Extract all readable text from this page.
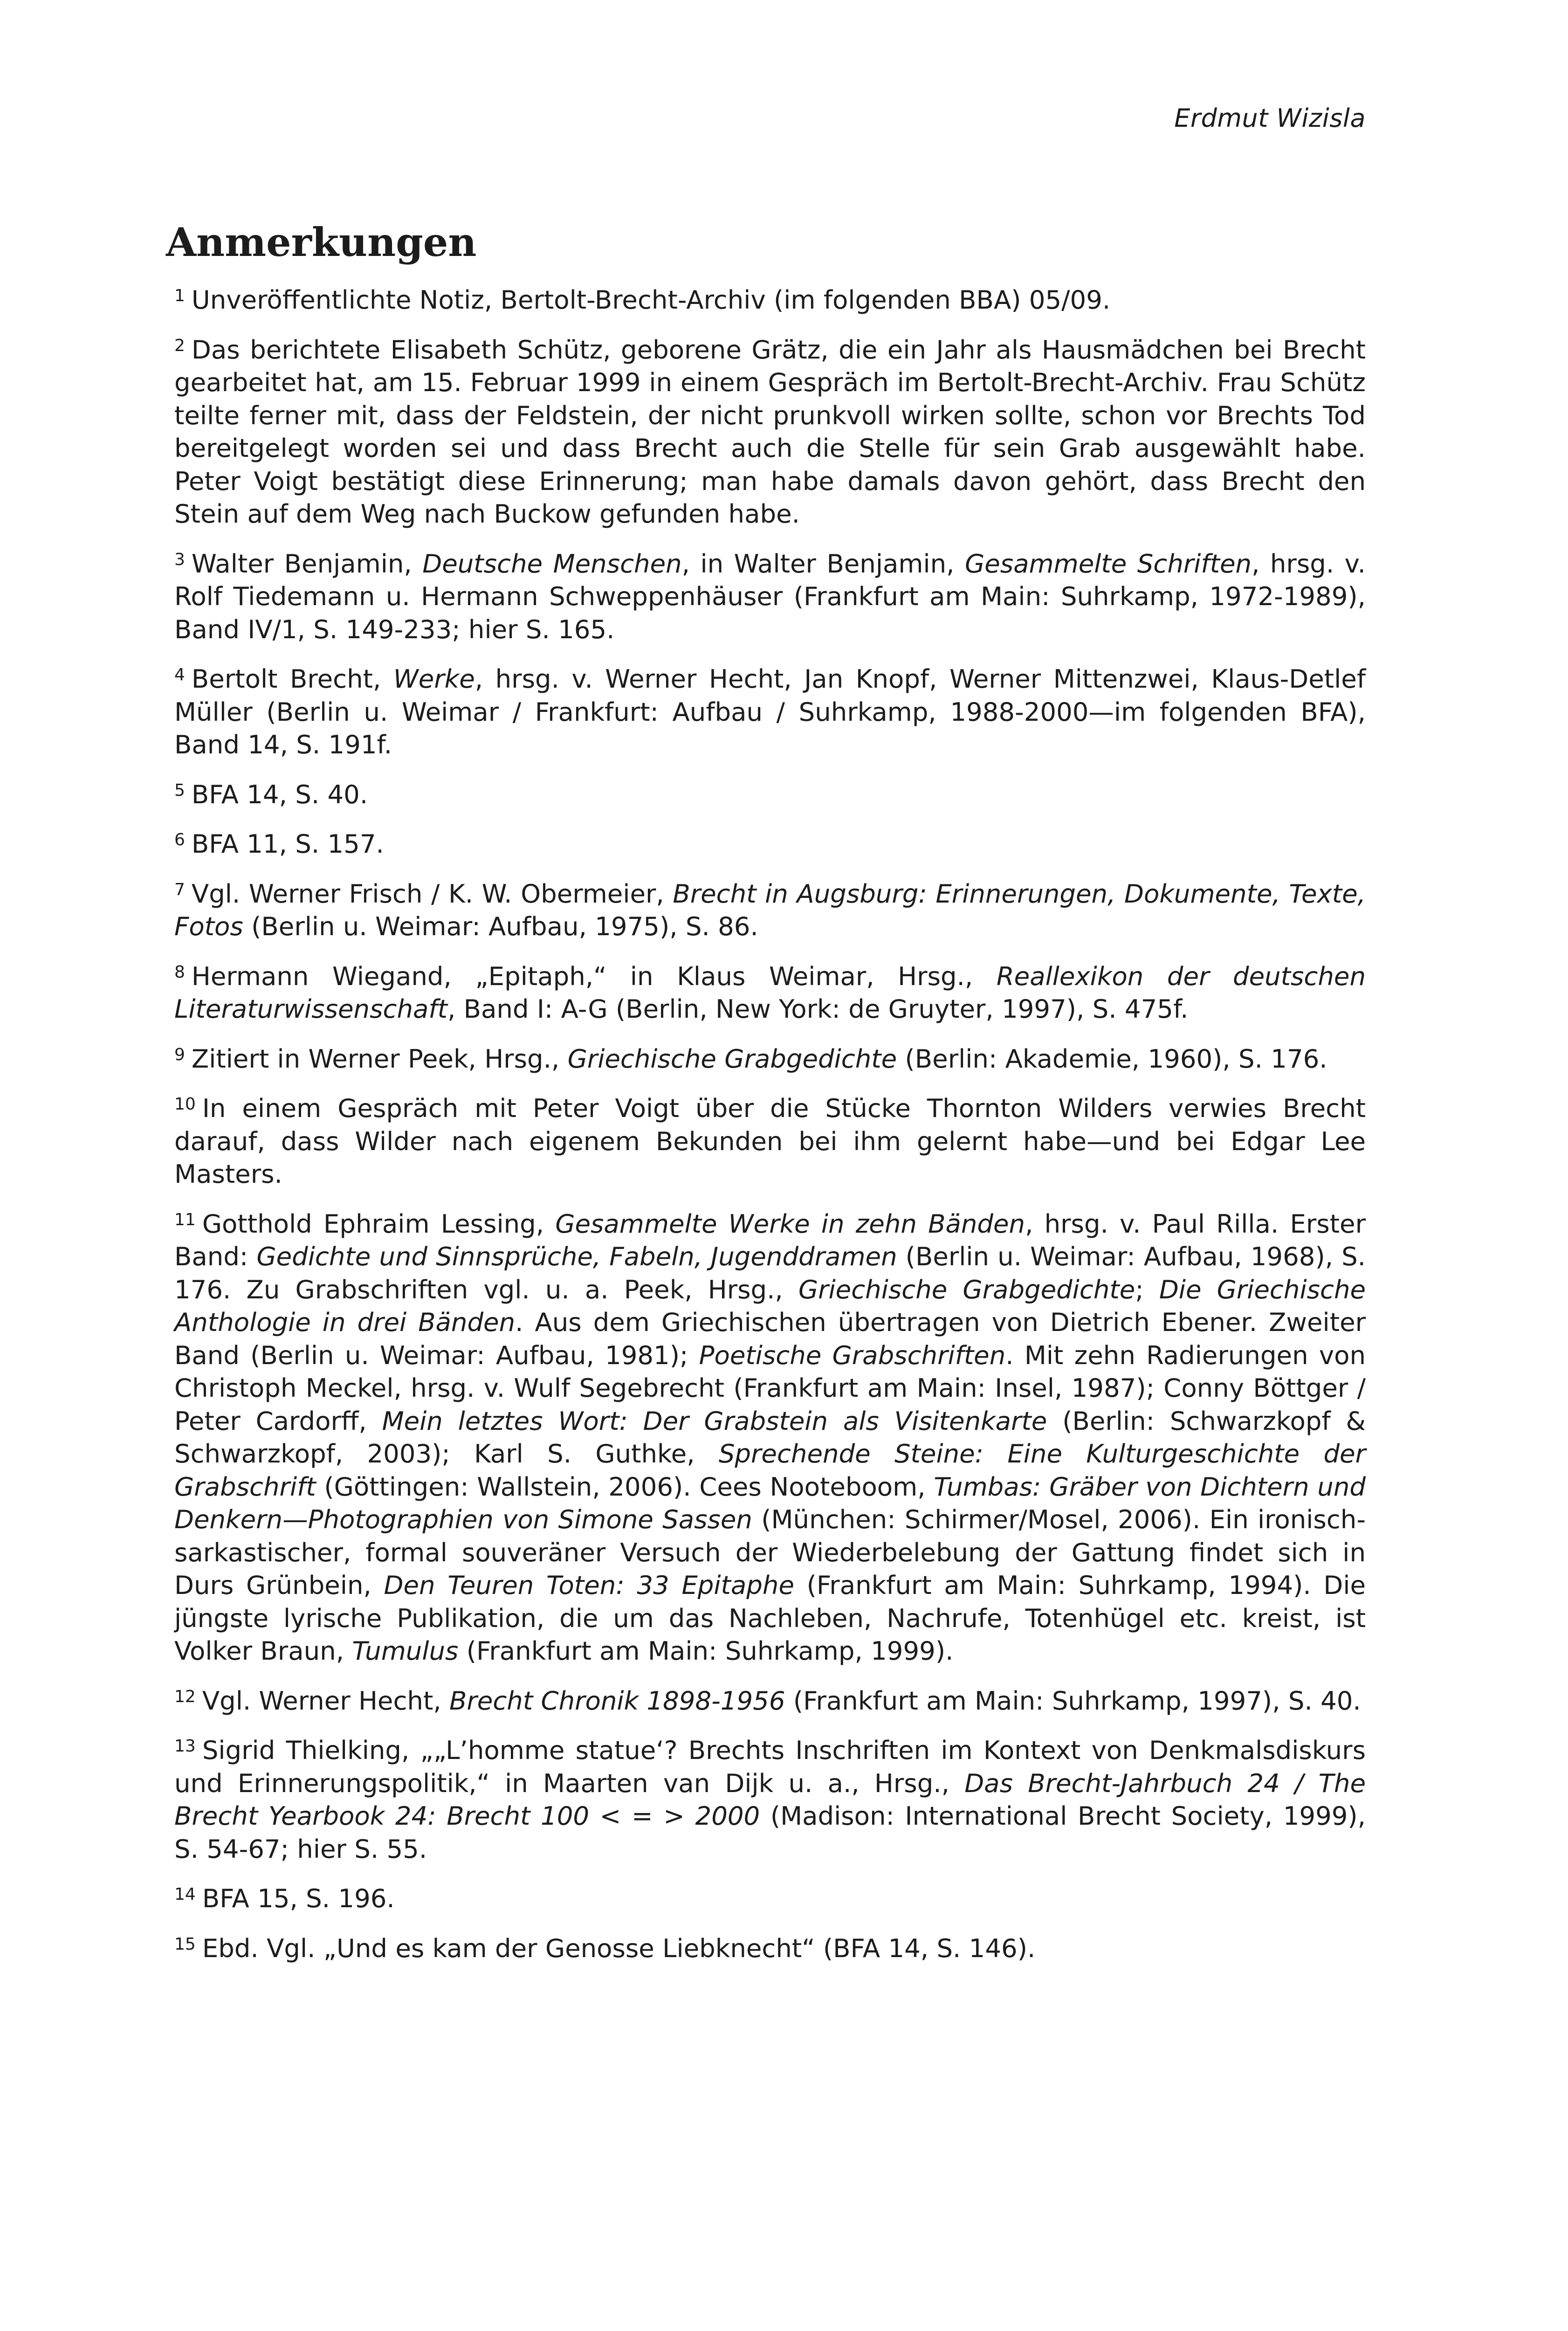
Erdmut Wizisla
Anmerkungen

$^1$ Unveröffentlichte Notiz, Bertolt-Brecht-Archiv (im folgenden BBA) 05/09.

$^2$ Das berichtete Elisabeth Schütz, geborene Grätz, die ein Jahr als Hausmädchen bei Brecht gearbeitet hat, am 15. Februar 1999 in einem Gespräch im Bertolt-Brecht-Archiv. Frau Schütz teilte ferner mit, dass der Feldstein, der nicht prunkvoll wirken sollte, schon vor Brechts Tod bereitgelegt worden sei und dass Brecht auch die Stelle für sein Grab ausgewählt habe. Peter Voigt bestätigt diese Erinnerung; man habe damals davon gehört, dass Brecht den Stein auf dem Weg nach Buckow gefunden habe.

$^3$ Walter Benjamin, Deutsche Menschen, in Walter Benjamin, Gesammelte Schriften, hrsg. v. Rolf Tiedemann u. Hermann Schweppenhäuser (Frankfurt am Main: Suhrkamp, 1972-1989), Band IV/1, S. 149-233; hier S. 165.

$^4$ Bertolt Brecht, Werke, hrsg. v. Werner Hecht, Jan Knopf, Werner Mittenzwei, Klaus-Detlef Müller (Berlin u. Weimar / Frankfurt: Aufbau / Suhrkamp, 1988-2000—im folgenden BFA), Band 14, S. 191f.

$^5$ BFA 14, S. 40.

$^6$ BFA 11, S. 157.

$^7$ Vgl. Werner Frisch / K. W. Obermeier, Brecht in Augsburg: Erinnerungen, Dokumente, Texte, Fotos (Berlin u. Weimar: Aufbau, 1975), S. 86.

$^8$ Hermann Wiegand, „Epitaph,“ in Klaus Weimar, Hrsg., Reallexikon der deutschen Literaturwissenschaft, Band I: A-G (Berlin, New York: de Gruyter, 1997), S. 475f.

$^9$ Zitiert in Werner Peek, Hrsg., Griechische Grabgedichte (Berlin: Akademie, 1960), S. 176.

$^{10}$ In einem Gespräch mit Peter Voigt über die Stücke Thornton Wilders verwies Brecht darauf, dass Wilder nach eigenem Bekunden bei ihm gelernt habe—und bei Edgar Lee Masters.

$^{11}$ Gotthold Ephraim Lessing, Gesammelte Werke in zehn Bänden, hrsg. v. Paul Rilla. Erster Band: Gedichte und Sinnsprüche, Fabeln, Jugenddramen (Berlin u. Weimar: Aufbau, 1968), S. 176. Zu Grabschriften vgl. u. a. Peek, Hrsg., Griechische Grabgedichte; Die Griechische Anthologie in drei Bänden. Aus dem Griechischen übertragen von Dietrich Ebener. Zweiter Band (Berlin u. Weimar: Aufbau, 1981); Poetische Grabschriften. Mit zehn Radierungen von Christoph Meckel, hrsg. v. Wulf Segebrecht (Frankfurt am Main: Insel, 1987); Conny Böttger / Peter Cardorff, Mein letztes Wort: Der Grabstein als Visitenkarte (Berlin: Schwarzkopf & Schwarzkopf, 2003); Karl S. Guthke, Sprechende Steine: Eine Kulturgeschichte der Grabschrift (Göttingen: Wallstein, 2006). Cees Nooteboom, Tumbas: Gräber von Dichtern und Denkern—Photographien von Simone Sassen (München: Schirmer/Mosel, 2006). Ein ironisch-sarkastischer, formal souveräner Versuch der Wiederbelebung der Gattung findet sich in Durs Grünbein, Den Teuren Toten: 33 Epitaphe (Frankfurt am Main: Suhrkamp, 1994). Die jüngste lyrische Publikation, die um das Nachleben, Nachrufe, Totenhügel etc. kreist, ist Volker Braun, Tumulus (Frankfurt am Main: Suhrkamp, 1999).

$^{12}$ Vgl. Werner Hecht, Brecht Chronik 1898-1956 (Frankfurt am Main: Suhrkamp, 1997), S. 40.

$^{13}$ Sigrid Thielking, „„L’homme statue‘? Brechts Inschriften im Kontext von Denkmalsdiskurs und Erinnerungspolitik,“ in Maarten van Dijk u. a., Hrsg., Das Brecht-Jahrbuch 24 / The Brecht Yearbook 24: Brecht 100 < = > 2000 (Madison: International Brecht Society, 1999), S. 54-67; hier S. 55.

$^{14}$ BFA 15, S. 196.

$^{15}$ Ebd. Vgl. „Und es kam der Genosse Liebknecht“ (BFA 14, S. 146).
